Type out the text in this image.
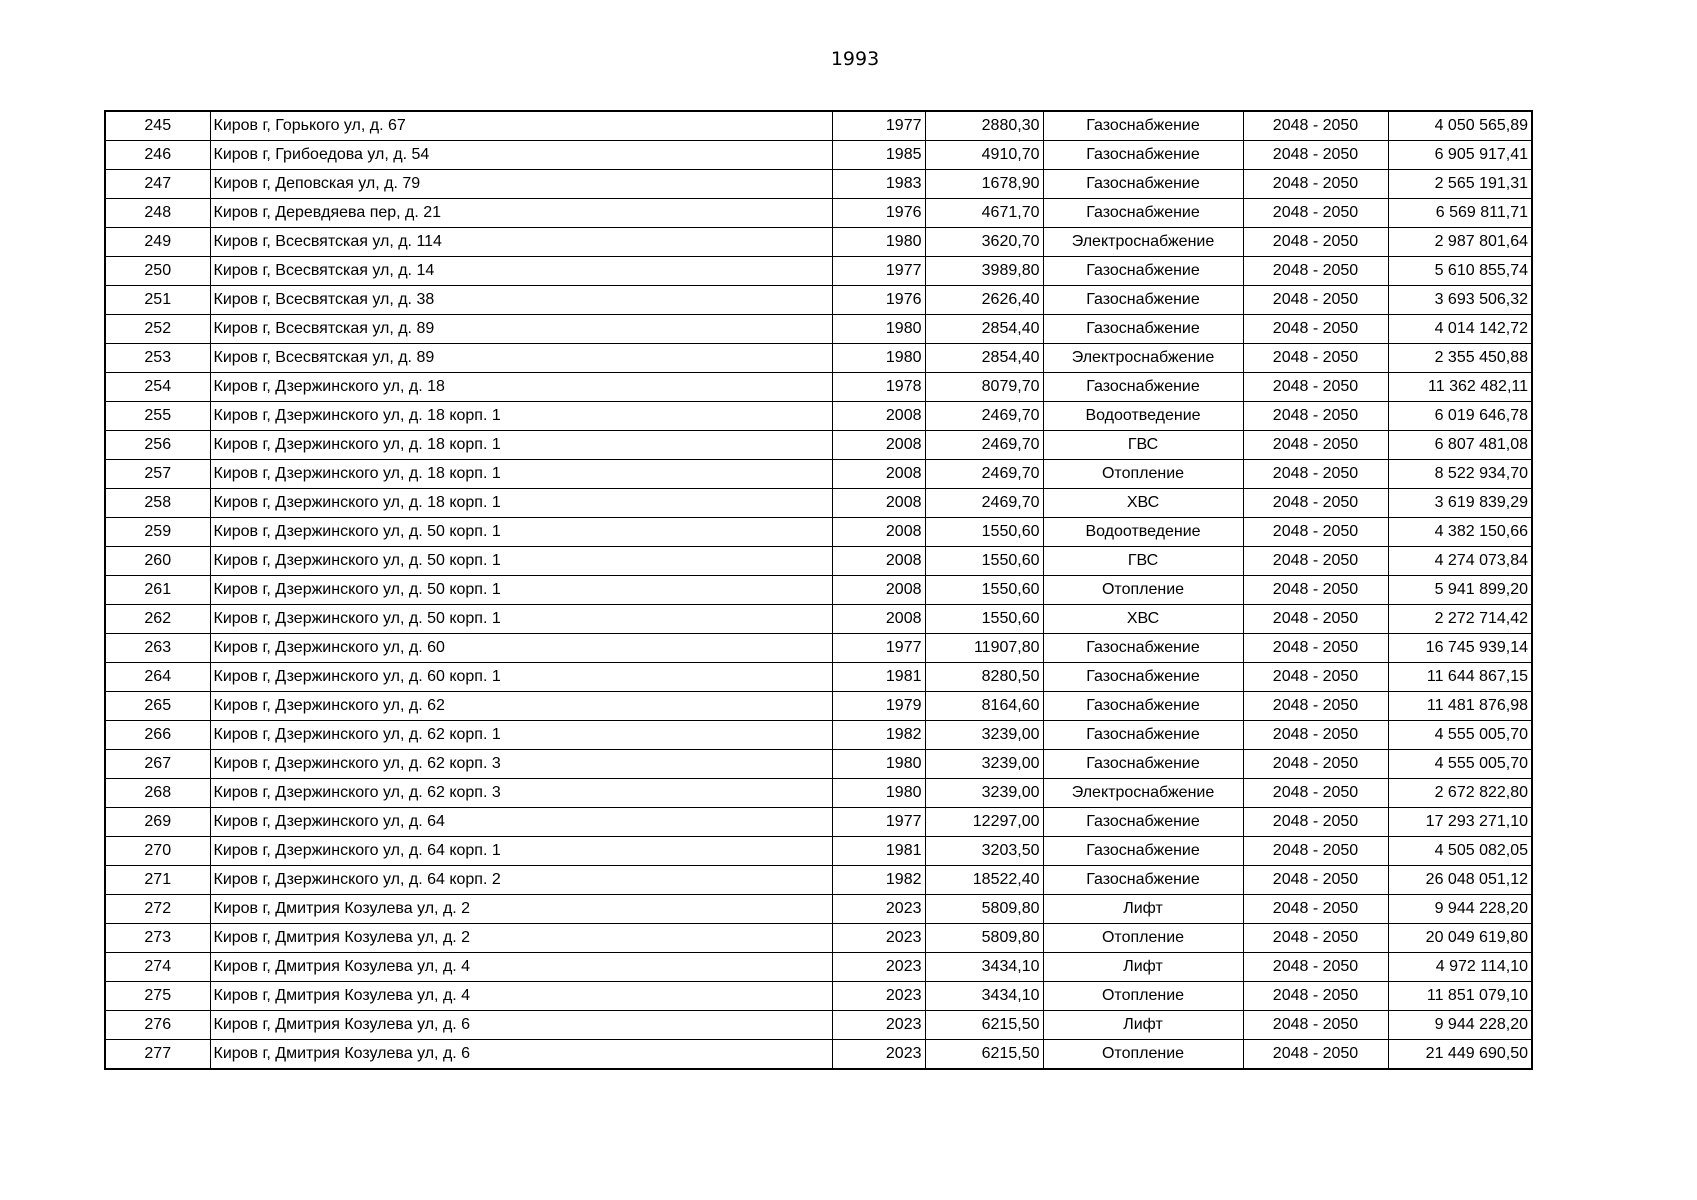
1993
245	Киров г, Горького ул, д. 67	1977	2880,30	Газоснабжение	2048 - 2050	4 050 565,89
246	Киров г, Грибоедова ул, д. 54	1985	4910,70	Газоснабжение	2048 - 2050	6 905 917,41
247	Киров г, Деповская ул, д. 79	1983	1678,90	Газоснабжение	2048 - 2050	2 565 191,31
248	Киров г, Деревдяева пер, д. 21	1976	4671,70	Газоснабжение	2048 - 2050	6 569 811,71
249	Киров г, Всесвятская ул, д. 114	1980	3620,70	Электроснабжение	2048 - 2050	2 987 801,64
250	Киров г, Всесвятская ул, д. 14	1977	3989,80	Газоснабжение	2048 - 2050	5 610 855,74
251	Киров г, Всесвятская ул, д. 38	1976	2626,40	Газоснабжение	2048 - 2050	3 693 506,32
252	Киров г, Всесвятская ул, д. 89	1980	2854,40	Газоснабжение	2048 - 2050	4 014 142,72
253	Киров г, Всесвятская ул, д. 89	1980	2854,40	Электроснабжение	2048 - 2050	2 355 450,88
254	Киров г, Дзержинского ул, д. 18	1978	8079,70	Газоснабжение	2048 - 2050	11 362 482,11
255	Киров г, Дзержинского ул, д. 18 корп. 1	2008	2469,70	Водоотведение	2048 - 2050	6 019 646,78
256	Киров г, Дзержинского ул, д. 18 корп. 1	2008	2469,70	ГВС	2048 - 2050	6 807 481,08
257	Киров г, Дзержинского ул, д. 18 корп. 1	2008	2469,70	Отопление	2048 - 2050	8 522 934,70
258	Киров г, Дзержинского ул, д. 18 корп. 1	2008	2469,70	ХВС	2048 - 2050	3 619 839,29
259	Киров г, Дзержинского ул, д. 50 корп. 1	2008	1550,60	Водоотведение	2048 - 2050	4 382 150,66
260	Киров г, Дзержинского ул, д. 50 корп. 1	2008	1550,60	ГВС	2048 - 2050	4 274 073,84
261	Киров г, Дзержинского ул, д. 50 корп. 1	2008	1550,60	Отопление	2048 - 2050	5 941 899,20
262	Киров г, Дзержинского ул, д. 50 корп. 1	2008	1550,60	ХВС	2048 - 2050	2 272 714,42
263	Киров г, Дзержинского ул, д. 60	1977	11907,80	Газоснабжение	2048 - 2050	16 745 939,14
264	Киров г, Дзержинского ул, д. 60 корп. 1	1981	8280,50	Газоснабжение	2048 - 2050	11 644 867,15
265	Киров г, Дзержинского ул, д. 62	1979	8164,60	Газоснабжение	2048 - 2050	11 481 876,98
266	Киров г, Дзержинского ул, д. 62 корп. 1	1982	3239,00	Газоснабжение	2048 - 2050	4 555 005,70
267	Киров г, Дзержинского ул, д. 62 корп. 3	1980	3239,00	Газоснабжение	2048 - 2050	4 555 005,70
268	Киров г, Дзержинского ул, д. 62 корп. 3	1980	3239,00	Электроснабжение	2048 - 2050	2 672 822,80
269	Киров г, Дзержинского ул, д. 64	1977	12297,00	Газоснабжение	2048 - 2050	17 293 271,10
270	Киров г, Дзержинского ул, д. 64 корп. 1	1981	3203,50	Газоснабжение	2048 - 2050	4 505 082,05
271	Киров г, Дзержинского ул, д. 64 корп. 2	1982	18522,40	Газоснабжение	2048 - 2050	26 048 051,12
272	Киров г, Дмитрия Козулева ул, д. 2	2023	5809,80	Лифт	2048 - 2050	9 944 228,20
273	Киров г, Дмитрия Козулева ул, д. 2	2023	5809,80	Отопление	2048 - 2050	20 049 619,80
274	Киров г, Дмитрия Козулева ул, д. 4	2023	3434,10	Лифт	2048 - 2050	4 972 114,10
275	Киров г, Дмитрия Козулева ул, д. 4	2023	3434,10	Отопление	2048 - 2050	11 851 079,10
276	Киров г, Дмитрия Козулева ул, д. 6	2023	6215,50	Лифт	2048 - 2050	9 944 228,20
277	Киров г, Дмитрия Козулева ул, д. 6	2023	6215,50	Отопление	2048 - 2050	21 449 690,50
